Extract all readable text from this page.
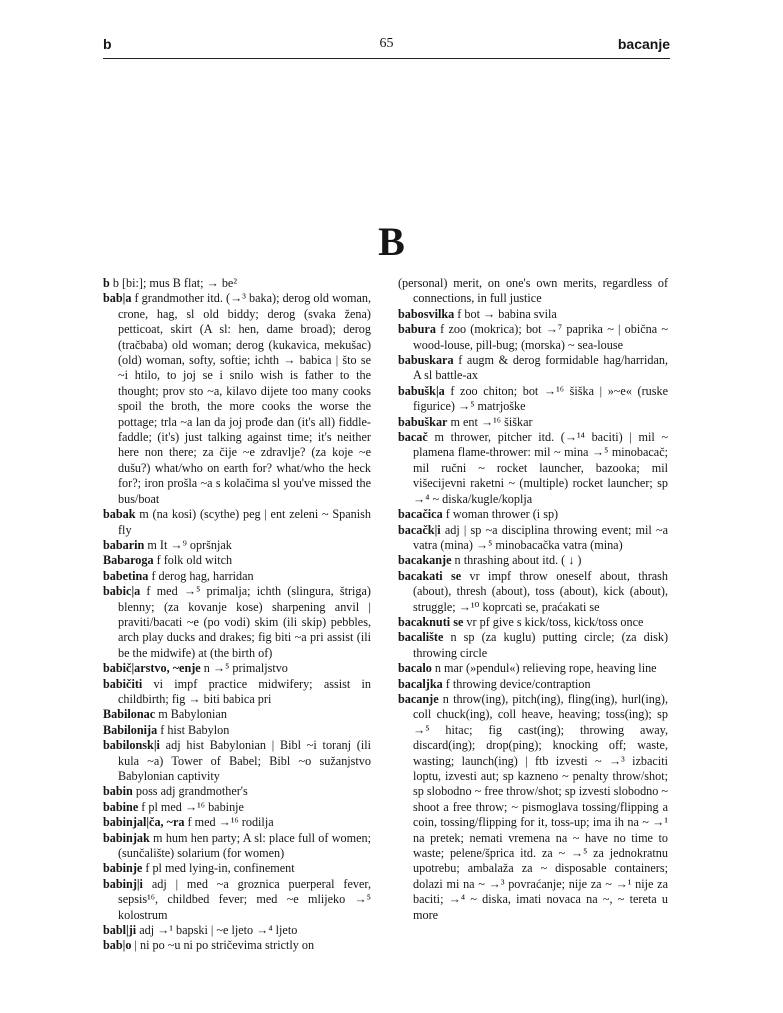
b	65	bacanje
B

b b [bi:]; mus B flat; → be²

bab|a f grandmother itd. (→³ baka); derog old woman, crone, hag, sl old biddy; derog (svaka žena) petticoat, skirt (A sl: hen, dame broad); derog (tračbaba) old woman; derog (kukavica, mekušac) (old) woman, softy, softie; ichth → babica | što se ~i htilo, to joj se i snilo wish is father to the thought; prov sto ~a, kilavo dijete too many cooks spoil the broth, the more cooks the worse the pottage; trla ~a lan da joj prođe dan (it's all) fiddle-faddle; (it's) just talking against time; it's neither here non there; za čije ~e zdravlje? (za koje ~e dušu?) what/who on earth for? what/who the heck for?; iron prošla ~a s kolačima sl you've missed the bus/boat

babak m (na kosi) (scythe) peg | ent zeleni ~ Spanish fly

babarin m It →⁹ opršnjak

Babaroga f folk old witch

babetina f derog hag, harridan

babic|a f med →⁵ primalja; ichth (slingura, štriga) blenny; (za kovanje kose) sharpening anvil | praviti/bacati ~e (po vodi) skim (ili skip) pebbles, arch play ducks and drakes; fig biti ~a pri assist (ili be the midwife) at (the birth of)

babič|arstvo, ~enje n →⁵ primaljstvo

babičiti vi impf practice midwifery; assist in childbirth; fig → biti babica pri

Babilonac m Babylonian

Babilonija f hist Babylon

babilonsk|i adj hist Babylonian | Bibl ~i toranj (ili kula ~a) Tower of Babel; Bibl ~o sužanjstvo Babylonian captivity

babin poss adj grandmother's

babine f pl med →¹⁶ babinje

babinjal|ča, ~ra f med →¹⁶ rodilja

babinjak m hum hen party; A sl: place full of women; (sunčalište) solarium (for women)

babinje f pl med lying-in, confinement

babinj|i adj | med ~a groznica puerperal fever, sepsis¹⁶, childbed fever; med ~e mlijeko →⁵ kolostrum

babl|ji adj →¹ bapski | ~e ljeto →⁴ ljeto

bab|o | ni po ~u ni po stričevima strictly on

(personal) merit, on one's own merits, regardless of connections, in full justice

babosvilka f bot → babina svila

babura f zoo (mokrica); bot →⁷ paprika ~ | obična ~ wood-louse, pill-bug; (morska) ~ sea-louse

babuskara f augm & derog formidable hag/harridan, A sl battle-ax

babušk|a f zoo chiton; bot →¹⁶ šiška | »~e« (ruske figurice) →⁵ matrjoške

babuškar m ent →¹⁶ šiškar

bacač m thrower, pitcher itd. (→¹⁴ baciti) | mil ~ plamena flame-thrower: mil ~ mina →⁵ minobacač; mil ručni ~ rocket launcher, bazooka; mil višecijevni raketni ~ (multiple) rocket launcher; sp →⁴ ~ diska/kugle/koplja

bacačica f woman thrower (i sp)

bacačk|i adj | sp ~a disciplina throwing event; mil ~a vatra (mina) →⁵ minobacačka vatra (mina)

bacakanje n thrashing about itd. ( ↓ )

bacakati se vr impf throw oneself about, thrash (about), thresh (about), toss (about), kick (about), struggle; →¹⁰ koprcati se, praćakati se

bacaknuti se vr pf give s kick/toss, kick/toss once

bacalište n sp (za kuglu) putting circle; (za disk) throwing circle

bacalo n mar (»pendul«) relieving rope, heaving line

bacaljka f throwing device/contraption

bacanje n throw(ing), pitch(ing), fling(ing), hurl(ing), coll chuck(ing), coll heave, heaving; toss(ing); sp →⁵ hitac; fig cast(ing); throwing away, discard(ing); drop(ping); knocking off; waste, wasting; launch(ing) | ftb izvesti ~ →³ izbaciti loptu, izvesti aut; sp kazneno ~ penalty throw/shot; sp slobodno ~ free throw/shot; sp izvesti slobodno ~ shoot a free throw; ~ pismoglava tossing/flipping a coin, tossing/flipping for it, toss-up; ima ih na ~ →¹ na pretek; nemati vremena na ~ have no time to waste; pelene/šprica itd. za ~ →⁵ za jednokratnu upotrebu; ambalaža za ~ disposable containers; dolazi mi na ~ →³ povraćanje; nije za ~ →¹ nije za baciti; →⁴ ~ diska, imati novaca na ~, ~ tereta u more
